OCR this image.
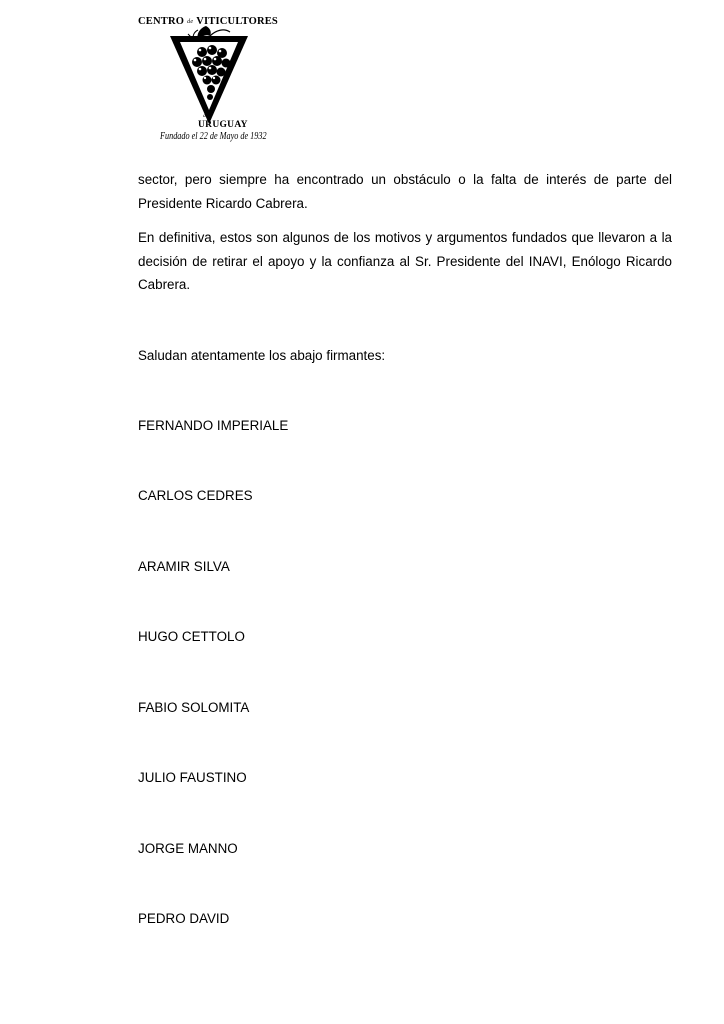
CENTRO de VITICULTORES
del
URUGUAY
Fundado el 22 de Mayo de 1932

sector, pero siempre ha encontrado un obstáculo o la falta de interés de parte del Presidente Ricardo Cabrera.

En definitiva, estos son algunos de los motivos y argumentos fundados que llevaron a la decisión de retirar el apoyo y la confianza al Sr. Presidente del INAVI, Enólogo Ricardo Cabrera.

Saludan atentamente los abajo firmantes:

FERNANDO IMPERIALE
CARLOS CEDRES
ARAMIR SILVA
HUGO CETTOLO
FABIO SOLOMITA
JULIO FAUSTINO
JORGE MANNO
PEDRO DAVID
